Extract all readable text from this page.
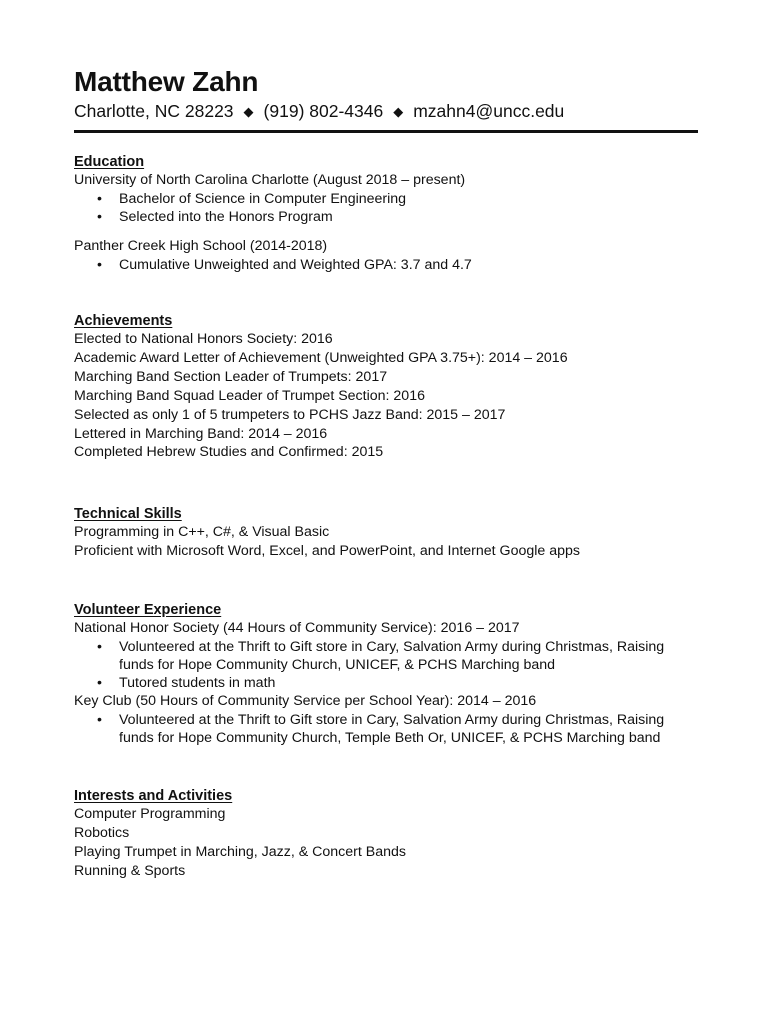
Matthew Zahn
Charlotte, NC 28223 ◆ (919) 802-4346 ◆ mzahn4@uncc.edu
Education
University of North Carolina Charlotte (August 2018 – present)
• Bachelor of Science in Computer Engineering
• Selected into the Honors Program
Panther Creek High School (2014-2018)
• Cumulative Unweighted and Weighted GPA: 3.7 and 4.7
Achievements
Elected to National Honors Society: 2016
Academic Award Letter of Achievement (Unweighted GPA 3.75+): 2014 – 2016
Marching Band Section Leader of Trumpets: 2017
Marching Band Squad Leader of Trumpet Section: 2016
Selected as only 1 of 5 trumpeters to PCHS Jazz Band: 2015 – 2017
Lettered in Marching Band: 2014 – 2016
Completed Hebrew Studies and Confirmed: 2015
Technical Skills
Programming in C++, C#, & Visual Basic
Proficient with Microsoft Word, Excel, and PowerPoint, and Internet Google apps
Volunteer Experience
National Honor Society (44 Hours of Community Service): 2016 – 2017
• Volunteered at the Thrift to Gift store in Cary, Salvation Army during Christmas, Raising funds for Hope Community Church, UNICEF, & PCHS Marching band
• Tutored students in math
Key Club (50 Hours of Community Service per School Year): 2014 – 2016
• Volunteered at the Thrift to Gift store in Cary, Salvation Army during Christmas, Raising funds for Hope Community Church, Temple Beth Or, UNICEF, & PCHS Marching band
Interests and Activities
Computer Programming
Robotics
Playing Trumpet in Marching, Jazz, & Concert Bands
Running & Sports
